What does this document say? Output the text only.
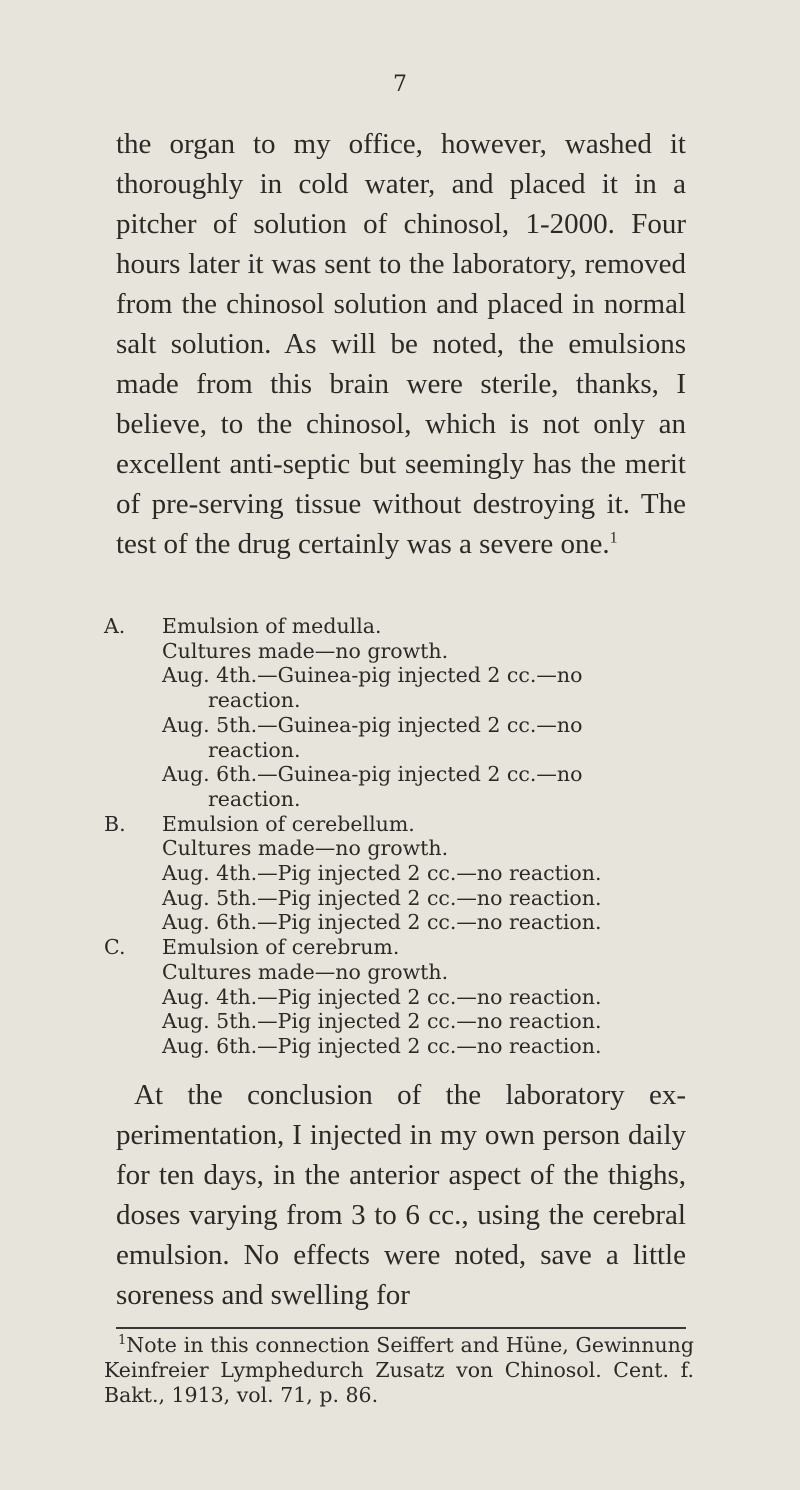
7

the organ to my office, however, washed it thoroughly in cold water, and placed it in a pitcher of solution of chinosol, 1-2000. Four hours later it was sent to the laboratory, removed from the chinosol solution and placed in normal salt solution. As will be noted, the emulsions made from this brain were sterile, thanks, I believe, to the chinosol, which is not only an excellent anti-septic but seemingly has the merit of pre-serving tissue without destroying it. The test of the drug certainly was a severe one.$^1$

A. Emulsion of medulla.
Cultures made—no growth.
Aug. 4th.—Guinea-pig injected 2 cc.—no
reaction.
Aug. 5th.—Guinea-pig injected 2 cc.—no
reaction.
Aug. 6th.—Guinea-pig injected 2 cc.—no
reaction.
B. Emulsion of cerebellum.
Cultures made—no growth.
Aug. 4th.—Pig injected 2 cc.—no reaction.
Aug. 5th.—Pig injected 2 cc.—no reaction.
Aug. 6th.—Pig injected 2 cc.—no reaction.
C. Emulsion of cerebrum.
Cultures made—no growth.
Aug. 4th.—Pig injected 2 cc.—no reaction.
Aug. 5th.—Pig injected 2 cc.—no reaction.
Aug. 6th.—Pig injected 2 cc.—no reaction.

At the conclusion of the laboratory ex-perimentation, I injected in my own person daily for ten days, in the anterior aspect of the thighs, doses varying from 3 to 6 cc., using the cerebral emulsion. No effects were noted, save a little soreness and swelling for

$^1$Note in this connection Seiffert and Hüne, Gewinnung Keinfreier Lymphedurch Zusatz von Chinosol. Cent. f. Bakt., 1913, vol. 71, p. 86.
